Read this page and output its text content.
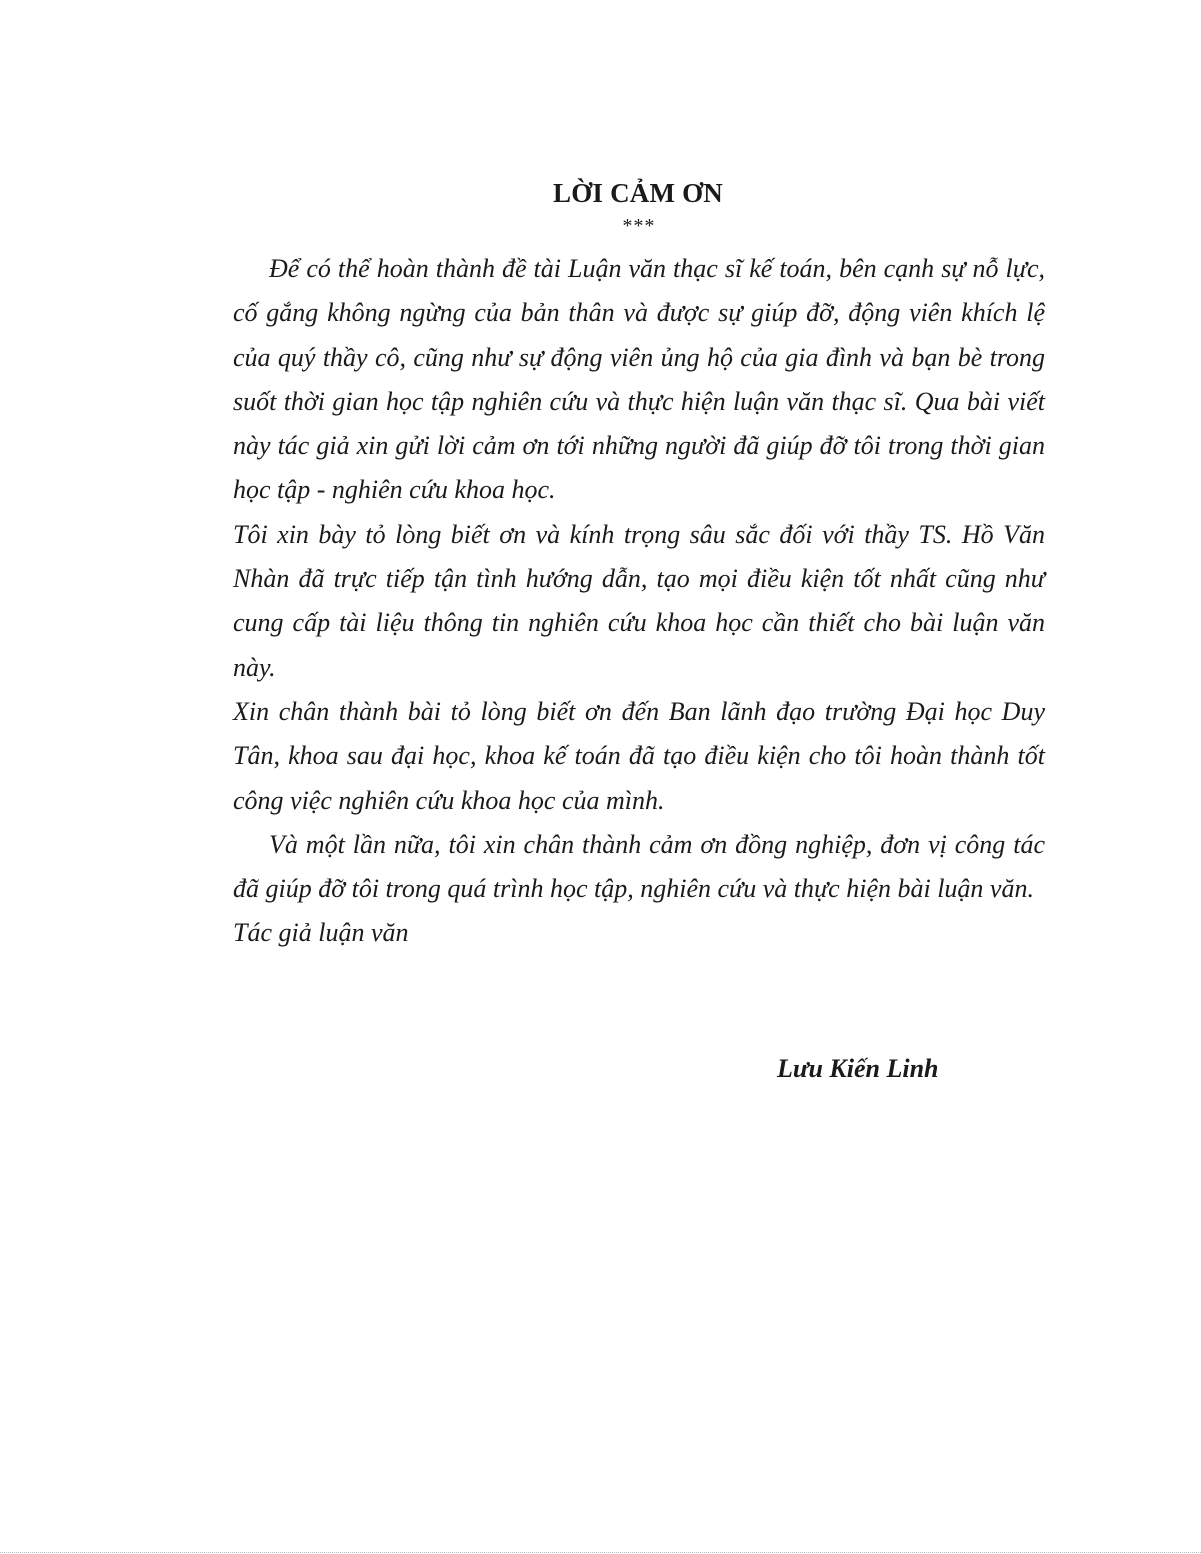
LỜI CẢM ƠN
***

Để có thể hoàn thành đề tài Luận văn thạc sĩ kế toán, bên cạnh sự nỗ lực, cố gắng không ngừng của bản thân và được sự giúp đỡ, động viên khích lệ của quý thầy cô, cũng như sự động viên ủng hộ của gia đình và bạn bè trong suốt thời gian học tập nghiên cứu và thực hiện luận văn thạc sĩ. Qua bài viết này tác giả xin gửi lời cảm ơn tới những người đã giúp đỡ tôi trong thời gian học tập - nghiên cứu khoa học.

Tôi xin bày tỏ lòng biết ơn và kính trọng sâu sắc đối với thầy TS. Hồ Văn Nhàn đã trực tiếp tận tình hướng dẫn, tạo mọi điều kiện tốt nhất cũng như cung cấp tài liệu thông tin nghiên cứu khoa học cần thiết cho bài luận văn này.

Xin chân thành bài tỏ lòng biết ơn đến Ban lãnh đạo trường Đại học Duy Tân, khoa sau đại học, khoa kế toán đã tạo điều kiện cho tôi hoàn thành tốt công việc nghiên cứu khoa học của mình.

Và một lần nữa, tôi xin chân thành cảm ơn đồng nghiệp, đơn vị công tác đã giúp đỡ tôi trong quá trình học tập, nghiên cứu và thực hiện bài luận văn.

Tác giả luận văn

Lưu Kiến Linh
